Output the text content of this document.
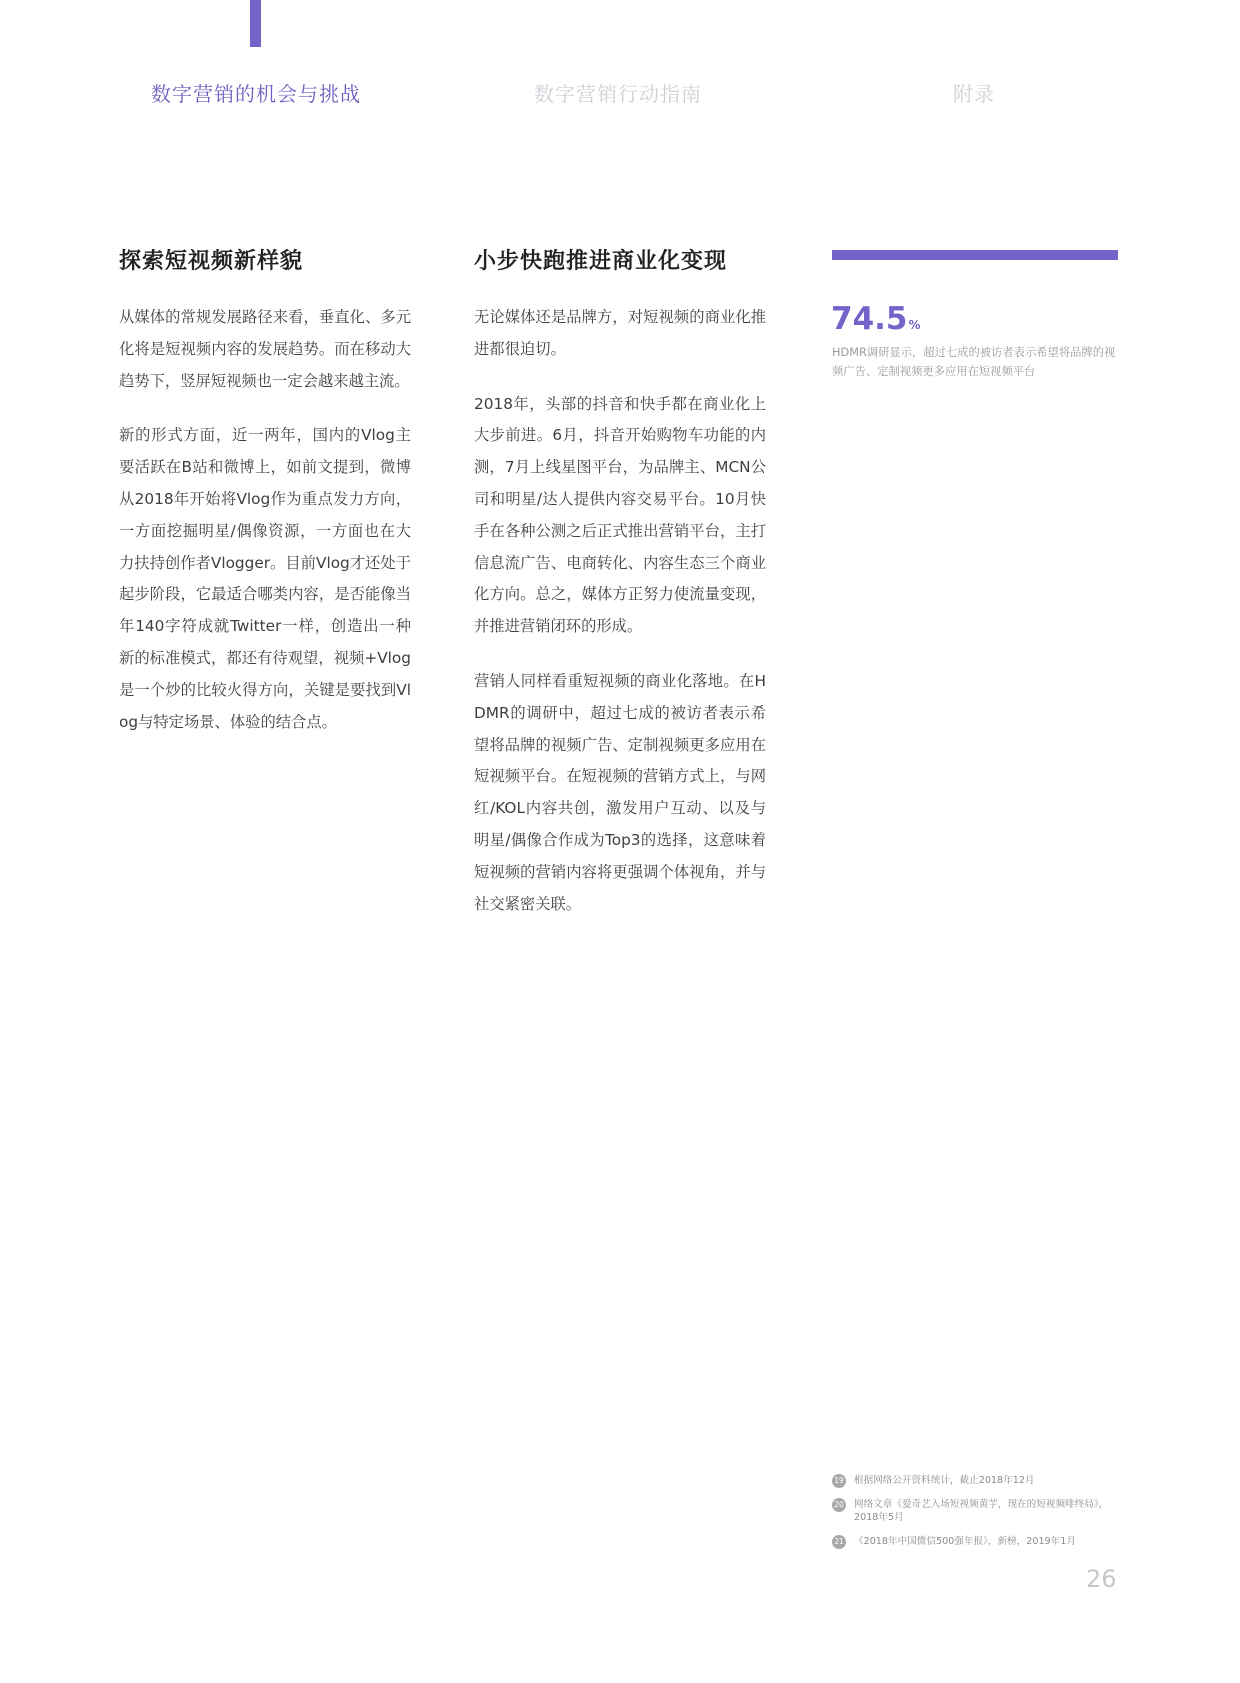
数字营销的机会与挑战	数字营销行动指南	附录
探索短视频新样貌

从媒体的常规发展路径来看，垂直化、多元化将是短视频内容的发展趋势。而在移动大趋势下，竖屏短视频也一定会越来越主流。

新的形式方面，近一两年，国内的Vlog主要活跃在B站和微博上，如前文提到，微博从2018年开始将Vlog作为重点发力方向，一方面挖掘明星/偶像资源，一方面也在大力扶持创作者Vlogger。目前Vlog才还处于起步阶段，它最适合哪类内容，是否能像当年140字符成就Twitter一样，创造出一种新的标准模式，都还有待观望，视频+Vlog是一个炒的比较火得方向，关键是要找到Vlog与特定场景、体验的结合点。

小步快跑推进商业化变现

无论媒体还是品牌方，对短视频的商业化推进都很迫切。

2018年，头部的抖音和快手都在商业化上大步前进。6月，抖音开始购物车功能的内测，7月上线星图平台，为品牌主、MCN公司和明星/达人提供内容交易平台。10月快手在各种公测之后正式推出营销平台，主打信息流广告、电商转化、内容生态三个商业化方向。总之，媒体方正努力使流量变现，并推进营销闭环的形成。

营销人同样看重短视频的商业化落地。在HDMR的调研中，超过七成的被访者表示希望将品牌的视频广告、定制视频更多应用在短视频平台。在短视频的营销方式上，与网红/KOL内容共创，激发用户互动、以及与明星/偶像合作成为Top3的选择，这意味着短视频的营销内容将更强调个体视角，并与社交紧密关联。

74.5%
HDMR调研显示，超过七成的被访者表示希望将品牌的视频广告、定制视频更多应用在短视频平台
19 根据网络公开资料统计，截止2018年12月
20 网络文章《爱奇艺入场短视频黄芋，现在的短视频啡终局》，2018年5月
21 《2018年中国微信500强年报》，新榜，2019年1月
26
